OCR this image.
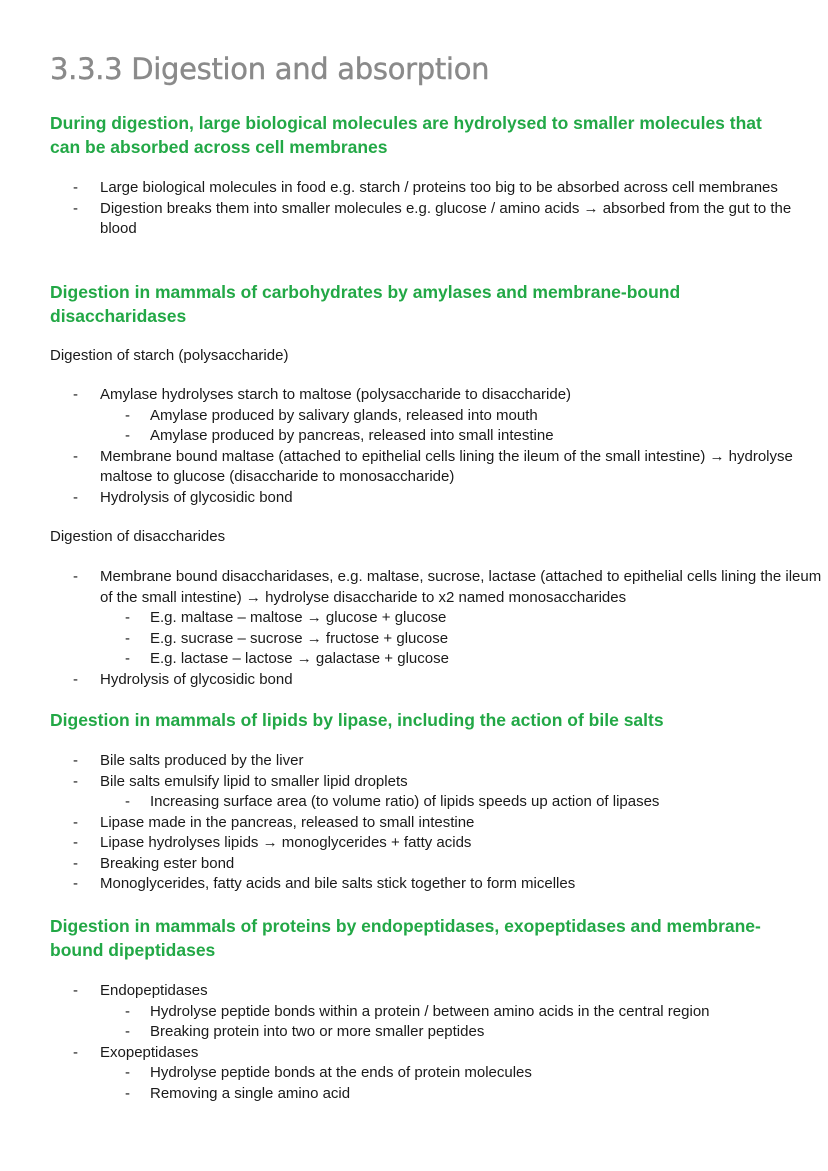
3.3.3 Digestion and absorption
During digestion, large biological molecules are hydrolysed to smaller molecules that can be absorbed across cell membranes
- Large biological molecules in food e.g. starch / proteins too big to be absorbed across cell membranes
- Digestion breaks them into smaller molecules e.g. glucose / amino acids → absorbed from the gut to the blood
Digestion in mammals of carbohydrates by amylases and membrane-bound disaccharidases

Digestion of starch (polysaccharide)

- Amylase hydrolyses starch to maltose (polysaccharide to disaccharide)
- Amylase produced by salivary glands, released into mouth
- Amylase produced by pancreas, released into small intestine
- Membrane bound maltase (attached to epithelial cells lining the ileum of the small intestine) → hydrolyse maltose to glucose (disaccharide to monosaccharide)
- Hydrolysis of glycosidic bond

Digestion of disaccharides

- Membrane bound disaccharidases, e.g. maltase, sucrose, lactase (attached to epithelial cells lining the ileum of the small intestine) → hydrolyse disaccharide to x2 named monosaccharides
- E.g. maltase – maltose → glucose + glucose
- E.g. sucrase – sucrose → fructose + glucose
- E.g. lactase – lactose → galactase + glucose
- Hydrolysis of glycosidic bond
Digestion in mammals of lipids by lipase, including the action of bile salts
- Bile salts produced by the liver
- Bile salts emulsify lipid to smaller lipid droplets
- Increasing surface area (to volume ratio) of lipids speeds up action of lipases
- Lipase made in the pancreas, released to small intestine
- Lipase hydrolyses lipids → monoglycerides + fatty acids
- Breaking ester bond
- Monoglycerides, fatty acids and bile salts stick together to form micelles
Digestion in mammals of proteins by endopeptidases, exopeptidases and membrane-bound dipeptidases
- Endopeptidases
- Hydrolyse peptide bonds within a protein / between amino acids in the central region
- Breaking protein into two or more smaller peptides
- Exopeptidases
- Hydrolyse peptide bonds at the ends of protein molecules
- Removing a single amino acid
